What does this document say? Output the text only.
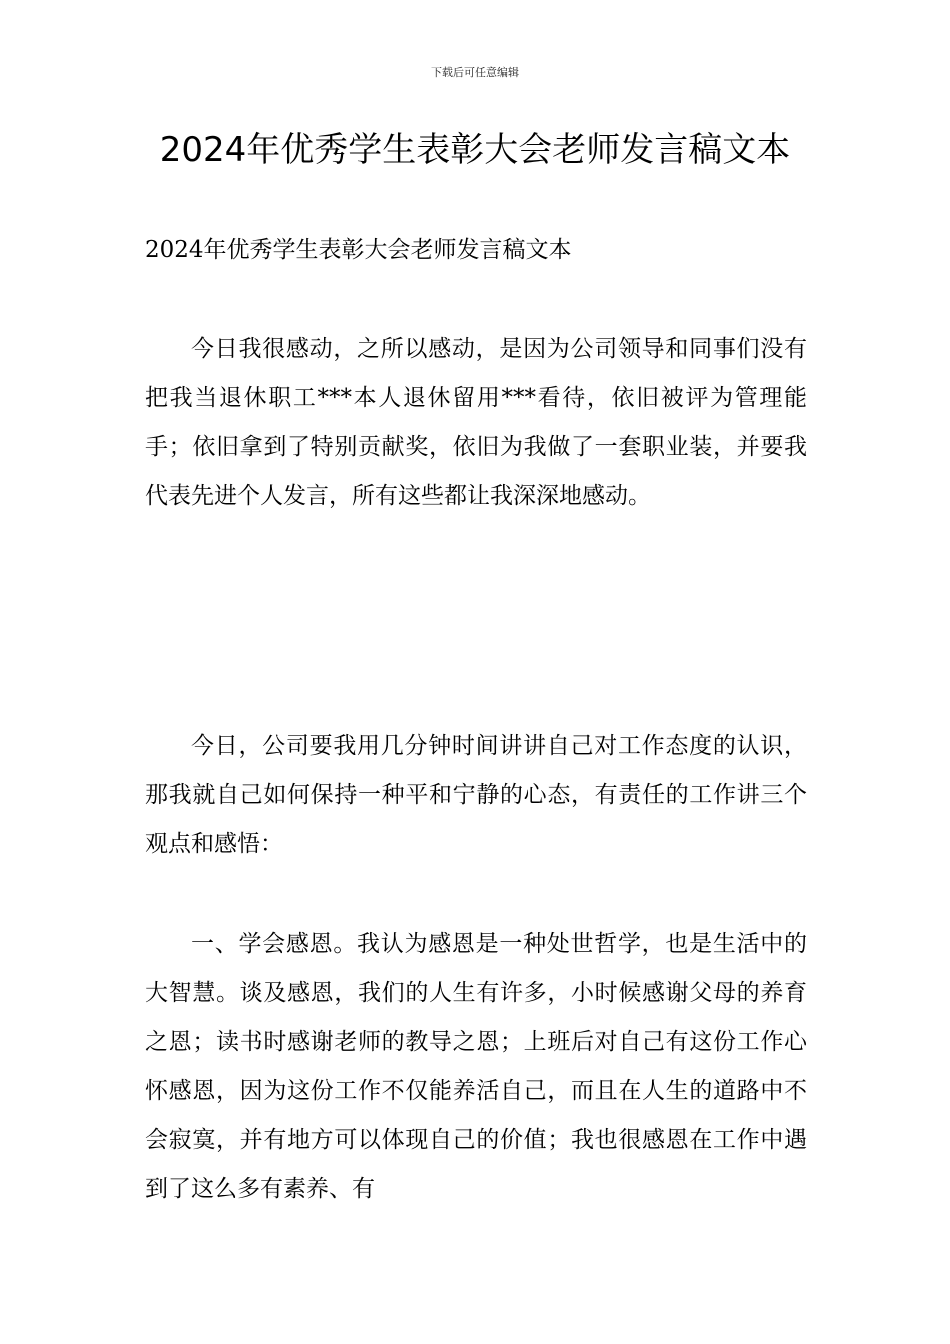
下载后可任意编辑
2024年优秀学生表彰大会老师发言稿文本

2024年优秀学生表彰大会老师发言稿文本

今日我很感动，之所以感动，是因为公司领导和同事们没有把我当退休职工***本人退休留用***看待，依旧被评为管理能手；依旧拿到了特别贡献奖，依旧为我做了一套职业装，并要我代表先进个人发言，所有这些都让我深深地感动。

今日，公司要我用几分钟时间讲讲自己对工作态度的认识，那我就自己如何保持一种平和宁静的心态，有责任的工作讲三个观点和感悟：

一、学会感恩。我认为感恩是一种处世哲学，也是生活中的大智慧。谈及感恩，我们的人生有许多，小时候感谢父母的养育之恩；读书时感谢老师的教导之恩；上班后对自己有这份工作心怀感恩，因为这份工作不仅能养活自己，而且在人生的道路中不会寂寞，并有地方可以体现自己的价值；我也很感恩在工作中遇到了这么多有素养、有
